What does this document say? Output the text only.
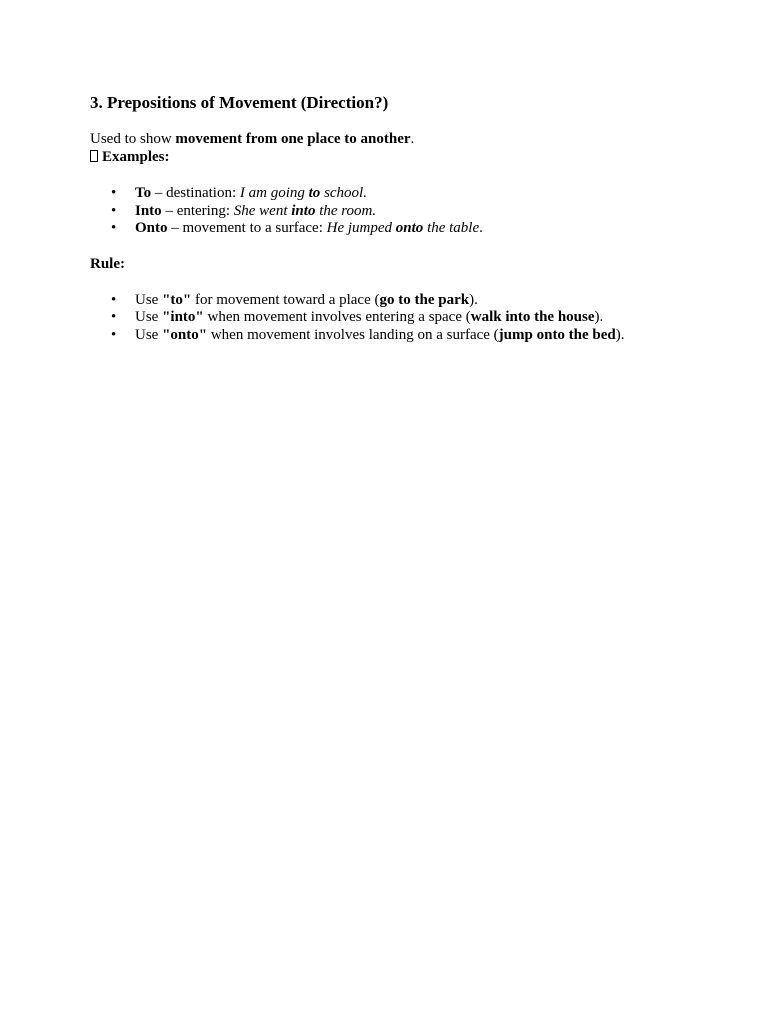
3. Prepositions of Movement (Direction?)

Used to show movement from one place to another.

Examples:

• To – destination: I am going to school.
• Into – entering: She went into the room.
• Onto – movement to a surface: He jumped onto the table.

Rule:

• Use "to" for movement toward a place (go to the park).
• Use "into" when movement involves entering a space (walk into the house).
• Use "onto" when movement involves landing on a surface (jump onto the bed).
